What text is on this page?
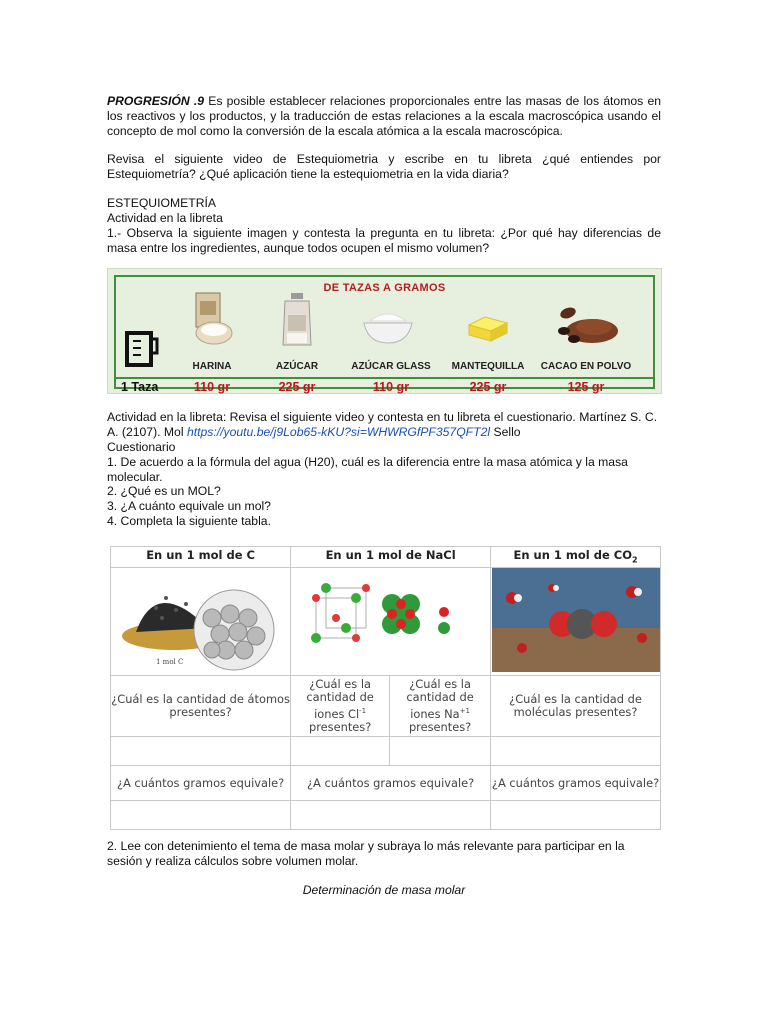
PROGRESIÓN .9 Es posible establecer relaciones proporcionales entre las masas de los átomos en los reactivos y los productos, y la traducción de estas relaciones a la escala macroscópica usando el concepto de mol como la conversión de la escala atómica a la escala macroscópica.
Revisa el siguiente video de Estequiometria y escribe en tu libreta ¿qué entiendes por Estequiometría? ¿Qué aplicación tiene la estequiometria en la vida diaria?
ESTEQUIOMETRÍA
Actividad en la libreta
1.- Observa la siguiente imagen y contesta la pregunta en tu libreta: ¿Por qué hay diferencias de masa entre los ingredientes, aunque todos ocupen el mismo volumen?
DE TAZAS A GRAMOS
1 Taza
HARINA
110 gr
AZÚCAR
225 gr
AZÚCAR GLASS
110 gr
MANTEQUILLA
225 gr
CACAO EN POLVO
125 gr
Actividad en la libreta: Revisa el siguiente video y contesta en tu libreta el cuestionario. Martínez S. C. A. (2107). Mol https://youtu.be/j9Lob65-kKU?si=WHWRGfPF357QFT2l Sello
Cuestionario
1. De acuerdo a la fórmula del agua (H20), cuál es la diferencia entre la masa atómica y la masa molecular.
2. ¿Qué es un MOL?
3. ¿A cuánto equivale un mol?
4. Completa la siguiente tabla.
En un 1 mol de C	En un 1 mol de NaCl		En un 1 mol de $CO_2$

1 mol C

¿Cuál es la cantidad de átomos presentes?	¿Cuál es la cantidad de iones $Cl^{-1}$ presentes?	¿Cuál es la cantidad de iones $Na^{+1}$ presentes?	¿Cuál es la cantidad de moléculas presentes?

¿A cuántos gramos equivale?	¿A cuántos gramos equivale?		¿A cuántos gramos equivale?

2. Lee con detenimiento el tema de masa molar y subraya lo más relevante para participar en la sesión y realiza cálculos sobre volumen molar.
Determinación de masa molar
